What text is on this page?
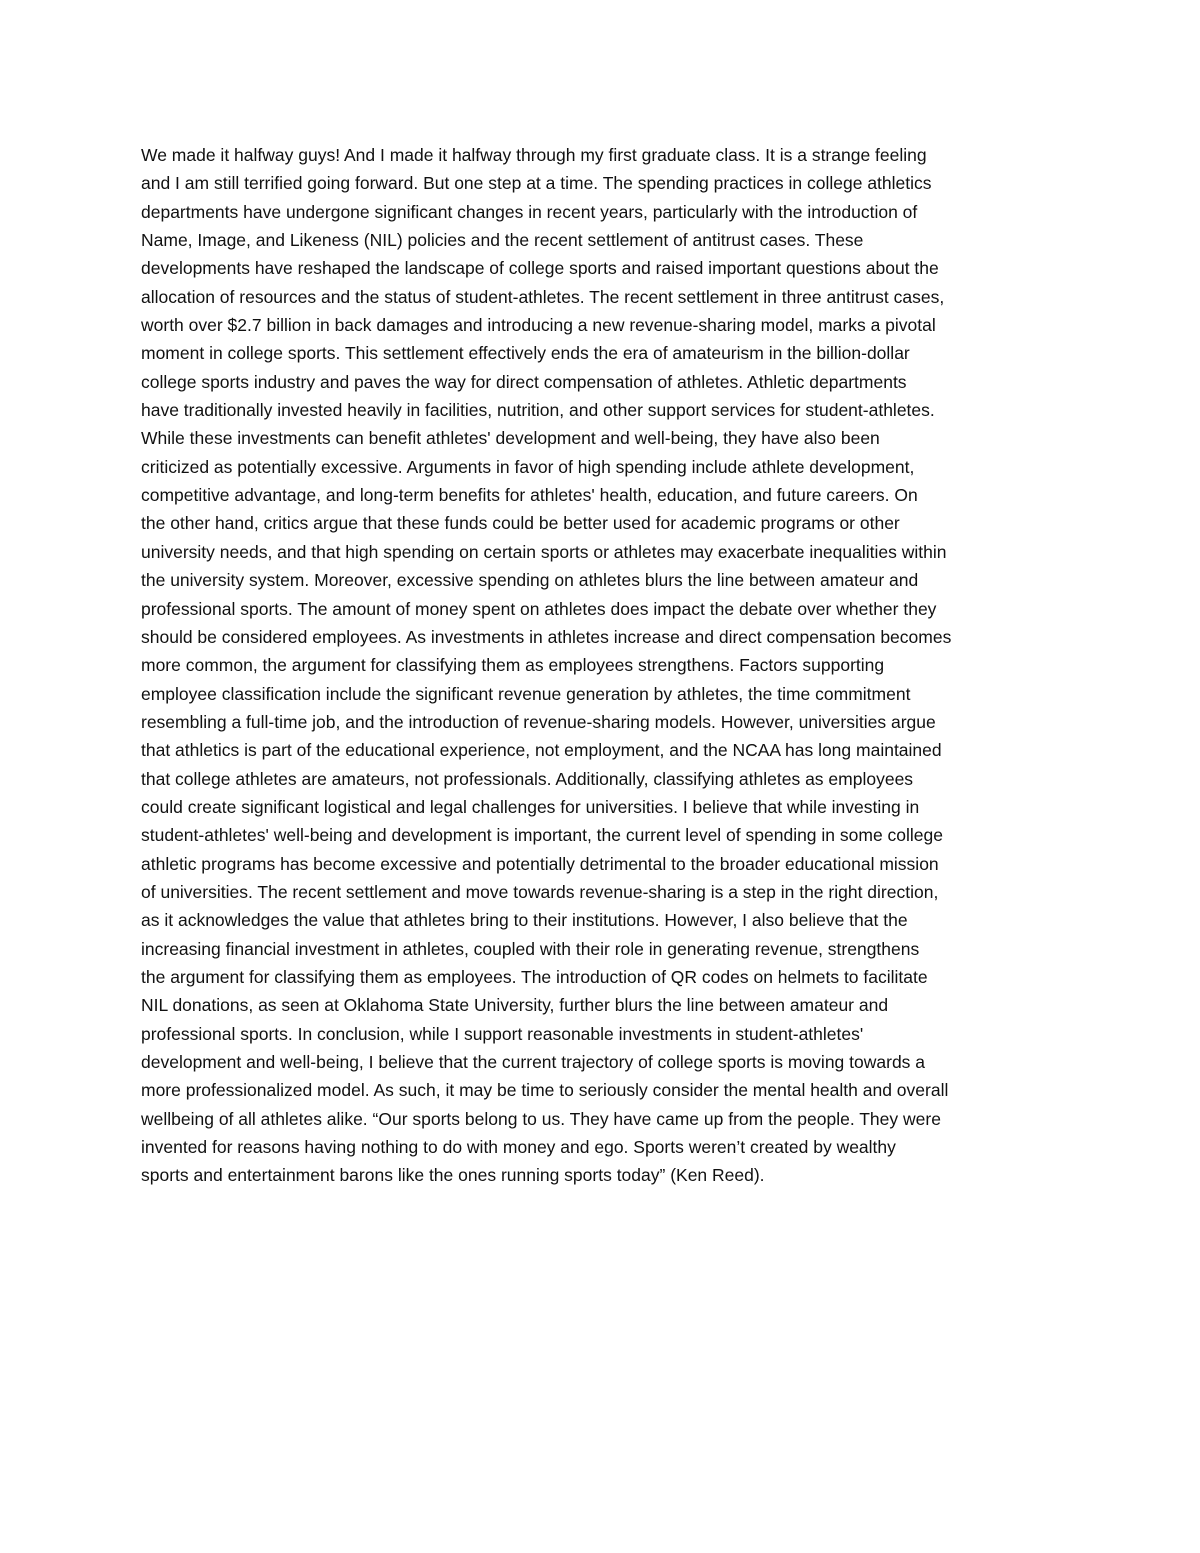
We made it halfway guys! And I made it halfway through my first graduate class. It is a strange feeling
and I am still terrified going forward. But one step at a time. The spending practices in college athletics
departments have undergone significant changes in recent years, particularly with the introduction of
Name, Image, and Likeness (NIL) policies and the recent settlement of antitrust cases. These
developments have reshaped the landscape of college sports and raised important questions about the
allocation of resources and the status of student-athletes. The recent settlement in three antitrust cases,
worth over $2.7 billion in back damages and introducing a new revenue-sharing model, marks a pivotal
moment in college sports. This settlement effectively ends the era of amateurism in the billion-dollar
college sports industry and paves the way for direct compensation of athletes. Athletic departments
have traditionally invested heavily in facilities, nutrition, and other support services for student-athletes.
While these investments can benefit athletes' development and well-being, they have also been
criticized as potentially excessive. Arguments in favor of high spending include athlete development,
competitive advantage, and long-term benefits for athletes' health, education, and future careers. On
the other hand, critics argue that these funds could be better used for academic programs or other
university needs, and that high spending on certain sports or athletes may exacerbate inequalities within
the university system. Moreover, excessive spending on athletes blurs the line between amateur and
professional sports. The amount of money spent on athletes does impact the debate over whether they
should be considered employees. As investments in athletes increase and direct compensation becomes
more common, the argument for classifying them as employees strengthens. Factors supporting
employee classification include the significant revenue generation by athletes, the time commitment
resembling a full-time job, and the introduction of revenue-sharing models. However, universities argue
that athletics is part of the educational experience, not employment, and the NCAA has long maintained
that college athletes are amateurs, not professionals. Additionally, classifying athletes as employees
could create significant logistical and legal challenges for universities. I believe that while investing in
student-athletes' well-being and development is important, the current level of spending in some college
athletic programs has become excessive and potentially detrimental to the broader educational mission
of universities. The recent settlement and move towards revenue-sharing is a step in the right direction,
as it acknowledges the value that athletes bring to their institutions. However, I also believe that the
increasing financial investment in athletes, coupled with their role in generating revenue, strengthens
the argument for classifying them as employees. The introduction of QR codes on helmets to facilitate
NIL donations, as seen at Oklahoma State University, further blurs the line between amateur and
professional sports. In conclusion, while I support reasonable investments in student-athletes'
development and well-being, I believe that the current trajectory of college sports is moving towards a
more professionalized model. As such, it may be time to seriously consider the mental health and overall
wellbeing of all athletes alike. “Our sports belong to us. They have came up from the people. They were
invented for reasons having nothing to do with money and ego. Sports weren’t created by wealthy
sports and entertainment barons like the ones running sports today” (Ken Reed).
